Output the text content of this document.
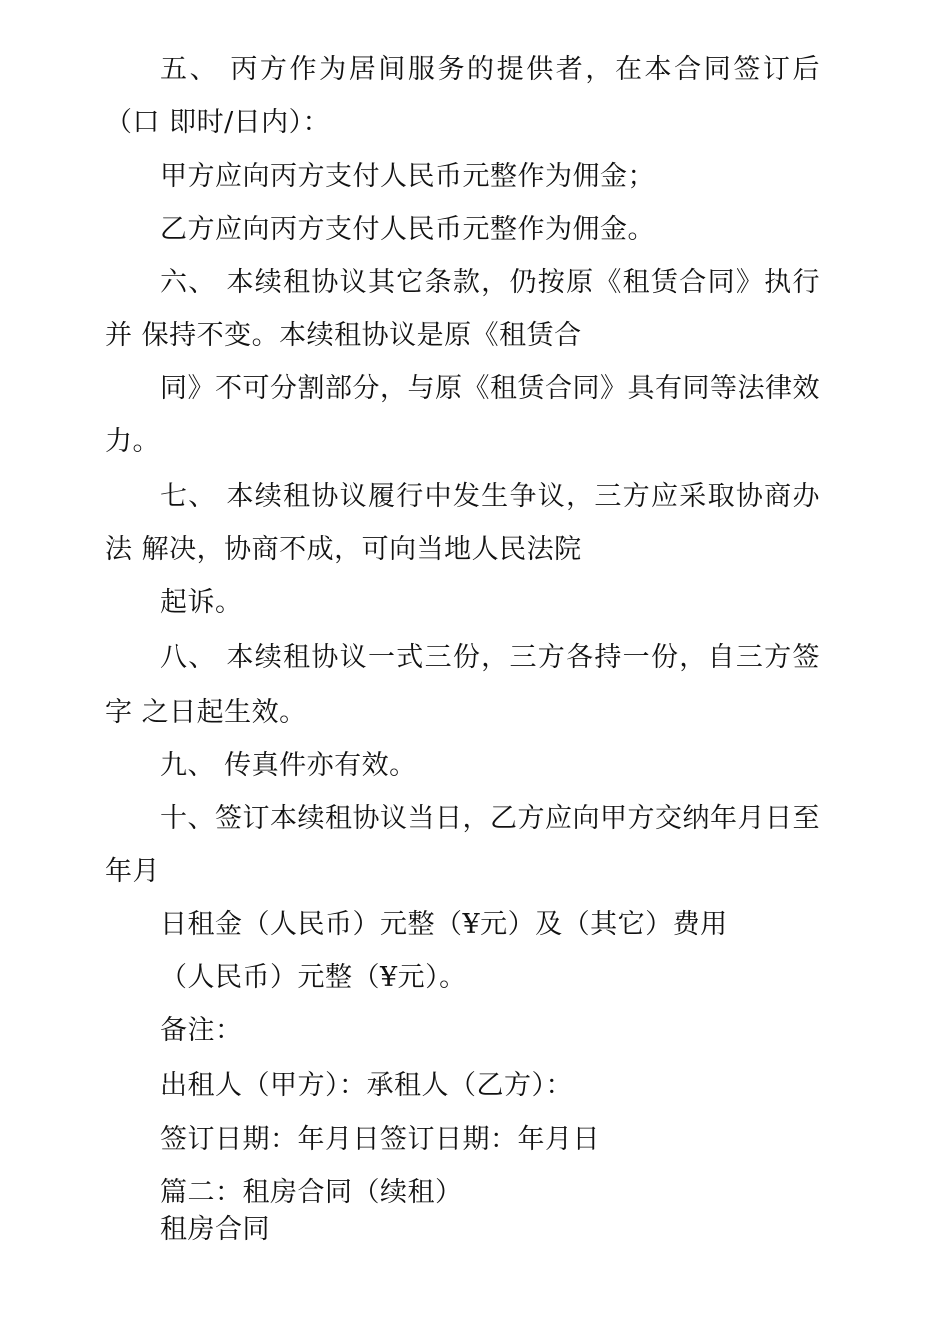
五、 丙方作为居间服务的提供者，在本合同签订后
（口 即时/日内）：
甲方应向丙方支付人民币元整作为佣金；
乙方应向丙方支付人民币元整作为佣金。
六、 本续租协议其它条款，仍按原《租赁合同》执行
并 保持不变。本续租协议是原《租赁合
同》不可分割部分，与原《租赁合同》具有同等法律效
力。
七、 本续租协议履行中发生争议，三方应采取协商办
法 解决，协商不成，可向当地人民法院
起诉。
八、 本续租协议一式三份，三方各持一份，自三方签
字 之日起生效。
九、 传真件亦有效。
十、签订本续租协议当日，乙方应向甲方交纳年月日至
年月
日租金（人民币）元整（¥元）及（其它）费用
（人民币）元整（¥元）。
备注：
出租人（甲方）：承租人（乙方）：
签订日期：年月日签订日期：年月日
篇二：租房合同（续租）
租房合同
